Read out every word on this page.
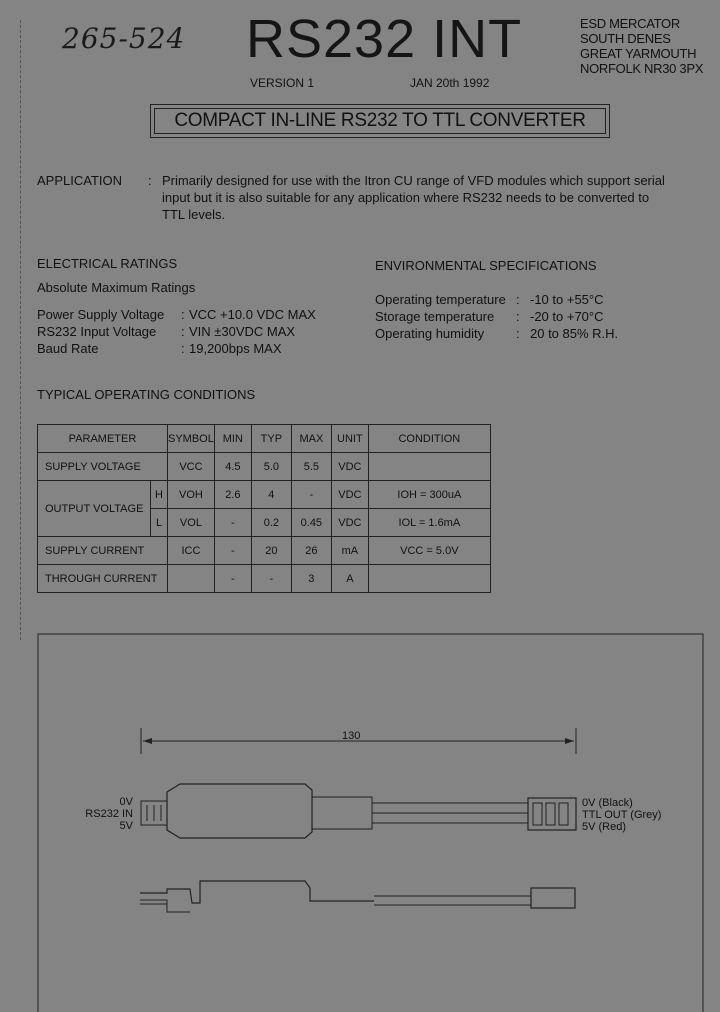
265-524 RS232 INT
VERSION 1	JAN 20th 1992
ESD MERCATOR
SOUTH DENES
GREAT YARMOUTH
NORFOLK NR30 3PX
COMPACT IN-LINE RS232 TO TTL CONVERTER
APPLICATION : Primarily designed for use with the Itron CU range of VFD modules which support serial
input but it is also suitable for any application where RS232 needs to be converted to
TTL levels.
ELECTRICAL RATINGS
Absolute Maximum Ratings
Power Supply Voltage : VCC +10.0 VDC MAX
RS232 Input Voltage : VIN ±30VDC MAX
Baud Rate	: 19,200bps MAX
ENVIRONMENTAL SPECIFICATIONS
Operating temperature : -10 to +55°C
Storage temperature : -20 to +70°C
Operating humidity : 20 to 85% R.H.
TYPICAL OPERATING CONDITIONS
PARAMETER		SYMBOL	MIN	TYP	MAX	UNIT	CONDITION
SUPPLY VOLTAGE		VCC	4.5	5.0	5.5	VDC	
OUTPUT VOLTAGE	H	VOH	2.6	4	-	VDC	IOH = 300uA
	L	VOL	-	0.2	0.45	VDC	IOL = 1.6mA
SUPPLY CURRENT		ICC	-	20	26	mA	VCC = 5.0V
THROUGH CURRENT			-	-	3	A	
130
0V
RS232 IN
5V
0V (Black)
TTL OUT (Grey)
5V (Red)
